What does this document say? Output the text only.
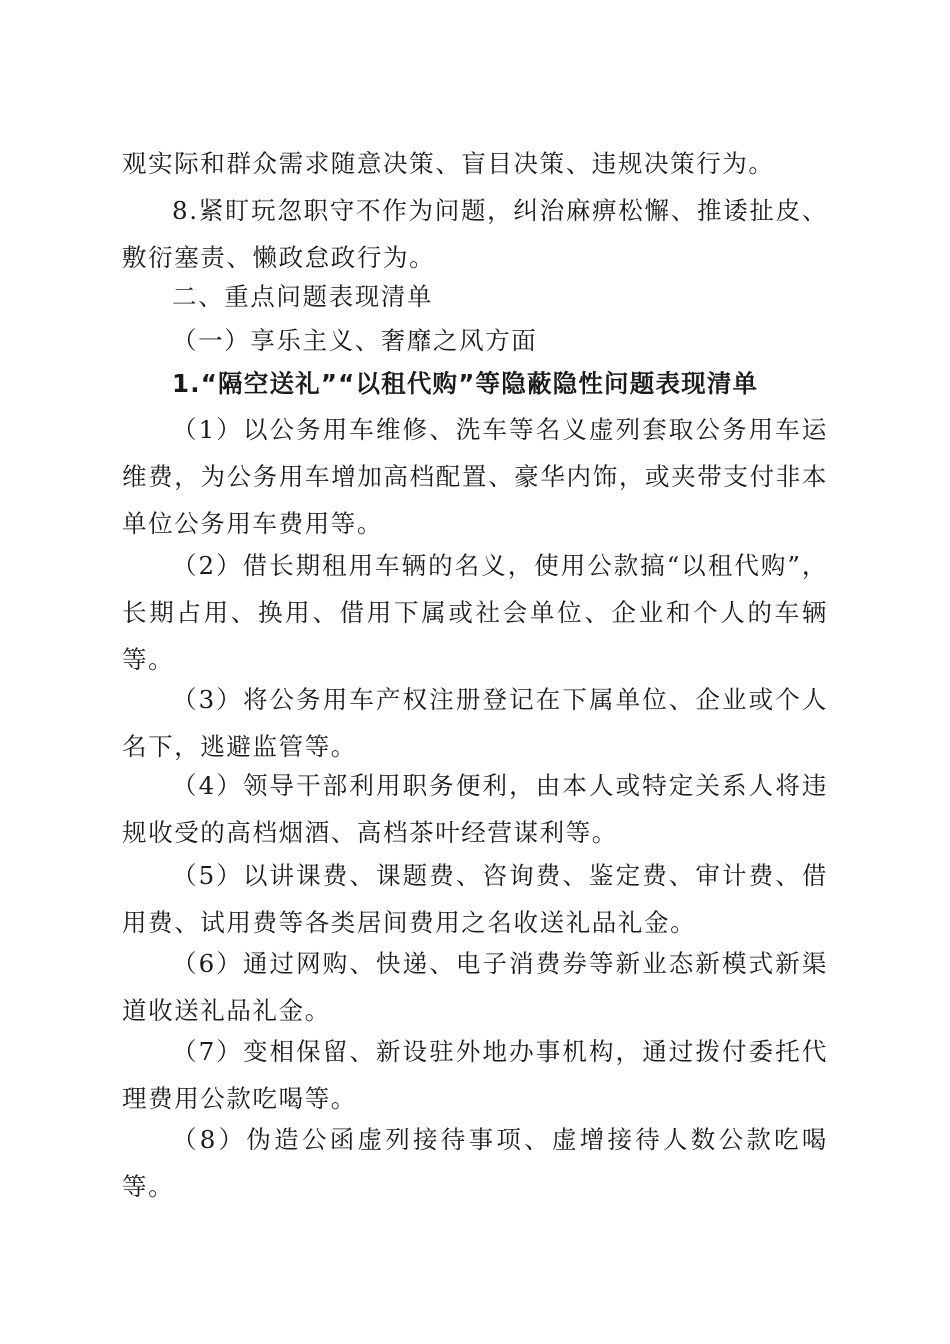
观实际和群众需求随意决策、盲目决策、违规决策行为。

8.紧盯玩忽职守不作为问题，纠治麻痹松懈、推诿扯皮、敷衍塞责、懒政怠政行为。

二、重点问题表现清单

（一）享乐主义、奢靡之风方面

1.“隔空送礼”“以租代购”等隐蔽隐性问题表现清单

（1）以公务用车维修、洗车等名义虚列套取公务用车运维费，为公务用车增加高档配置、豪华内饰，或夹带支付非本单位公务用车费用等。

（2）借长期租用车辆的名义，使用公款搞“以租代购”，长期占用、换用、借用下属或社会单位、企业和个人的车辆等。

（3）将公务用车产权注册登记在下属单位、企业或个人名下，逃避监管等。

（4）领导干部利用职务便利，由本人或特定关系人将违规收受的高档烟酒、高档茶叶经营谋利等。

（5）以讲课费、课题费、咨询费、鉴定费、审计费、借用费、试用费等各类居间费用之名收送礼品礼金。

（6）通过网购、快递、电子消费券等新业态新模式新渠道收送礼品礼金。

（7）变相保留、新设驻外地办事机构，通过拨付委托代理费用公款吃喝等。

（8）伪造公函虚列接待事项、虚增接待人数公款吃喝等。
